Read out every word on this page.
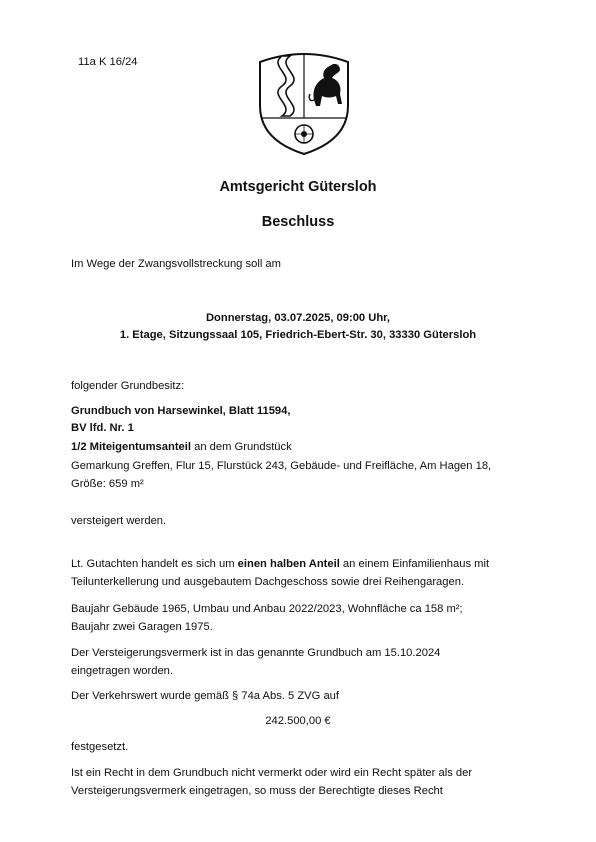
11a K 16/24
Amtsgericht Gütersloh
Beschluss
Im Wege der Zwangsvollstreckung soll am
Donnerstag, 03.07.2025, 09:00 Uhr,
1. Etage, Sitzungssaal 105, Friedrich-Ebert-Str. 30, 33330 Gütersloh
folgender Grundbesitz:
Grundbuch von Harsewinkel, Blatt 11594,
BV lfd. Nr. 1
1/2 Miteigentumsanteil an dem Grundstück
Gemarkung Greffen, Flur 15, Flurstück 243, Gebäude- und Freifläche, Am Hagen 18,
Größe: 659 m²
versteigert werden.
Lt. Gutachten handelt es sich um einen halben Anteil an einem Einfamilienhaus mit
Teilunterkellerung und ausgebautem Dachgeschoss sowie drei Reihengaragen.
Baujahr Gebäude 1965, Umbau und Anbau 2022/2023, Wohnfläche ca 158 m²;
Baujahr zwei Garagen 1975.
Der Versteigerungsvermerk ist in das genannte Grundbuch am 15.10.2024
eingetragen worden.
Der Verkehrswert wurde gemäß § 74a Abs. 5 ZVG auf
242.500,00 €
festgesetzt.
Ist ein Recht in dem Grundbuch nicht vermerkt oder wird ein Recht später als der
Versteigerungsvermerk eingetragen, so muss der Berechtigte dieses Recht
